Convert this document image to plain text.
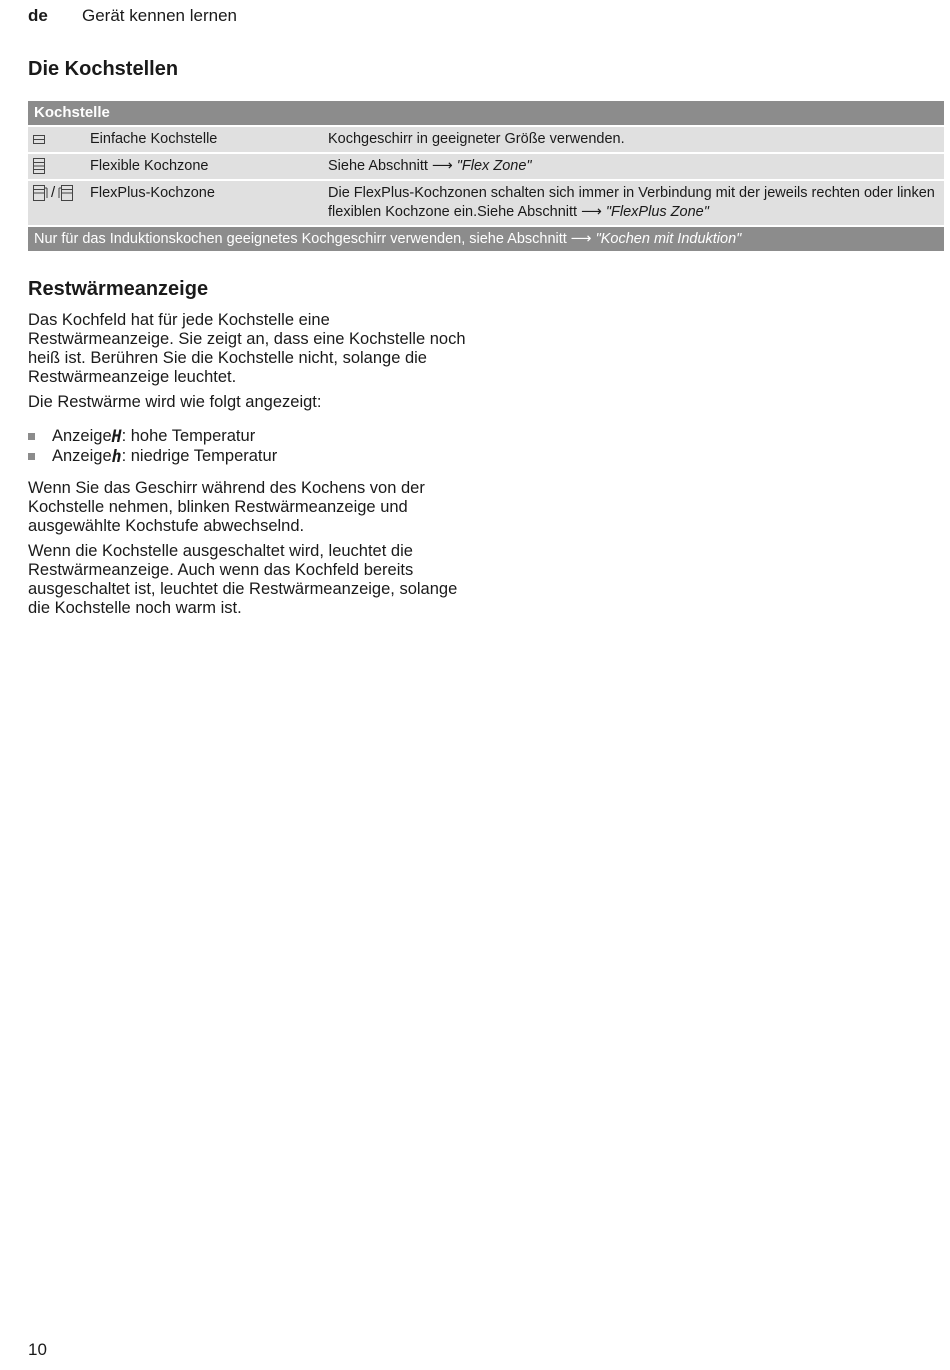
de Gerät kennen lernen
Die Kochstellen
Kochstelle
Einfache Kochstelle	Kochgeschirr in geeigneter Größe verwenden.
Flexible Kochzone	Siehe Abschnitt ⟶ "Flex Zone"
/ FlexPlus-Kochzone	Die FlexPlus-Kochzonen schalten sich immer in Verbindung mit der jeweils rechten oder linken flexiblen Kochzone ein.Siehe Abschnitt ⟶ "FlexPlus Zone"
Nur für das Induktionskochen geeignetes Kochgeschirr verwenden, siehe Abschnitt ⟶ "Kochen mit Induktion"
Restwärmeanzeige

Das Kochfeld hat für jede Kochstelle eine Restwärmeanzeige. Sie zeigt an, dass eine Kochstelle noch heiß ist. Berühren Sie die Kochstelle nicht, solange die Restwärmeanzeige leuchtet.

Die Restwärme wird wie folgt angezeigt:

Anzeige H : hohe Temperatur
Anzeige h : niedrige Temperatur

Wenn Sie das Geschirr während des Kochens von der Kochstelle nehmen, blinken Restwärmeanzeige und ausgewählte Kochstufe abwechselnd.

Wenn die Kochstelle ausgeschaltet wird, leuchtet die Restwärmeanzeige. Auch wenn das Kochfeld bereits ausgeschaltet ist, leuchtet die Restwärmeanzeige, solange die Kochstelle noch warm ist.

10
